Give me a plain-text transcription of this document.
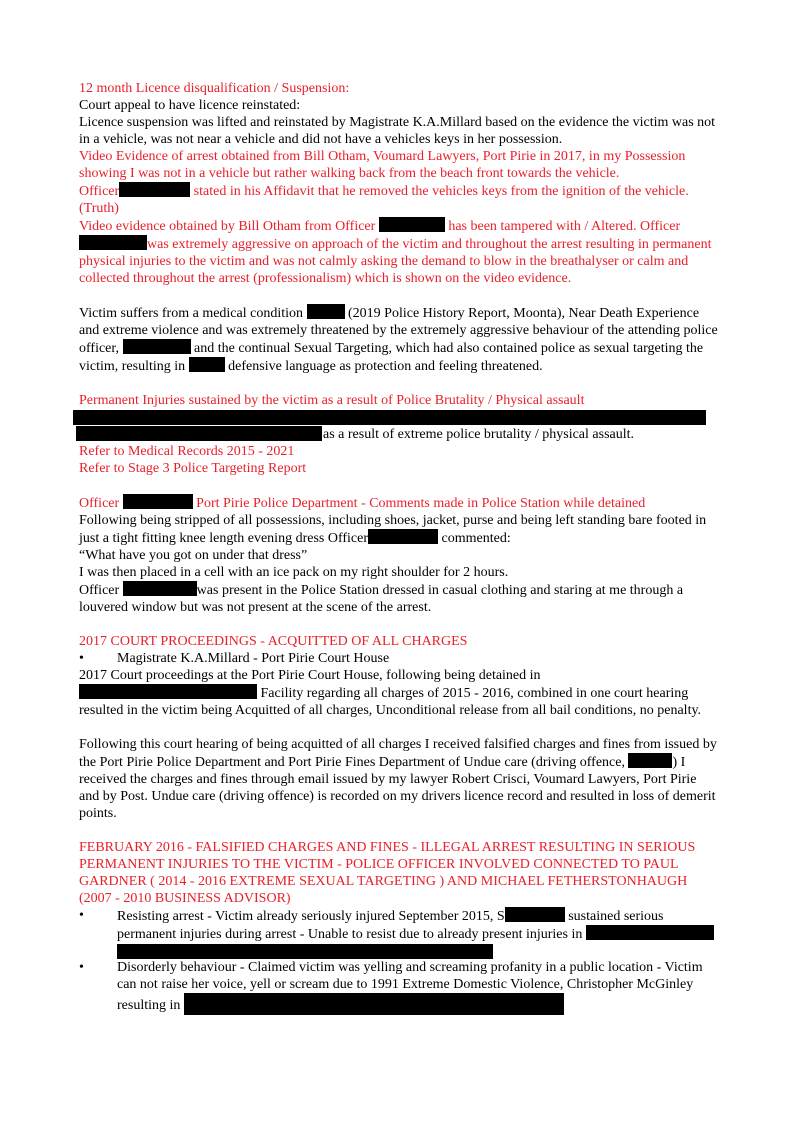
12 month Licence disqualification / Suspension:

Court appeal to have licence reinstated:

Licence suspension was lifted and reinstated by Magistrate K.A.Millard based on the evidence the victim was not in a vehicle, was not near a vehicle and did not have a vehicles keys in her possession.

Video Evidence of arrest obtained from Bill Otham, Voumard Lawyers, Port Pirie in 2017, in my Possession showing I was not in a vehicle but rather walking back from the beach front towards the vehicle.

Officer	stated in his Affidavit that he removed the vehicles keys from the ignition of the vehicle.(Truth)

Video evidence obtained by Bill Otham from Officer	has been tampered with / Altered. Officer was extremely aggressive on approach of the victim and throughout the arrest resulting in permanent physical injuries to the victim and was not calmly asking the demand to blow in the breathalyser or calm and collected throughout the arrest (professionalism) which is shown on the video evidence.

Victim suffers from a medical condition	(2019 Police History Report, Moonta), Near Death Experience and extreme violence and was extremely threatened by the extremely aggressive behaviour of the attending police officer,	and the continual Sexual Targeting, which had also contained police as sexual targeting the victim, resulting in	defensive language as protection and feeling threatened.

Permanent Injuries sustained by the victim as a result of Police Brutality / Physical assault

as a result of extreme police brutality / physical assault.

Refer to Medical Records 2015 - 2021

Refer to Stage 3 Police Targeting Report

Officer	Port Pirie Police Department - Comments made in Police Station while detained

Following being stripped of all possessions, including shoes, jacket, purse and being left standing bare footed in just a tight fitting knee length evening dress Officer	commented:

“What have you got on under that dress”

I was then placed in a cell with an ice pack on my right shoulder for 2 hours.

Officer	was present in the Police Station dressed in casual clothing and staring at me through a louvered window but was not present at the scene of the arrest.

2017 COURT PROCEEDINGS - ACQUITTED OF ALL CHARGES

• Magistrate K.A.Millard - Port Pirie Court House

2017 Court proceedings at the Port Pirie Court House, following being detained in  Facility regarding all charges of 2015 - 2016, combined in one court hearing resulted in the victim being Acquitted of all charges, Unconditional release from all bail conditions, no penalty.

Following this court hearing of being acquitted of all charges I received falsified charges and fines from issued by the Port Pirie Police Department and Port Pirie Fines Department of Undue care (driving offence,	) I received the charges and fines through email issued by my lawyer Robert Crisci, Voumard Lawyers, Port Pirie and by Post. Undue care (driving offence) is recorded on my drivers licence record and resulted in loss of demerit points.

FEBRUARY 2016 - FALSIFIED CHARGES AND FINES - ILLEGAL ARREST RESULTING IN SERIOUS PERMANENT INJURIES TO THE VICTIM - POLICE OFFICER INVOLVED CONNECTED TO PAUL GARDNER ( 2014 - 2016 EXTREME SEXUAL TARGETING ) AND MICHAEL FETHERSTONHAUGH (2007 - 2010 BUSINESS ADVISOR)

• Resisting arrest - Victim already seriously injured September 2015, S	sustained serious permanent injuries during arrest - Unable to resist due to already present injuries in

• Disorderly behaviour - Claimed victim was yelling and screaming profanity in a public location - Victim can not raise her voice, yell or scream due to 1991 Extreme Domestic Violence, Christopher McGinley resulting in
